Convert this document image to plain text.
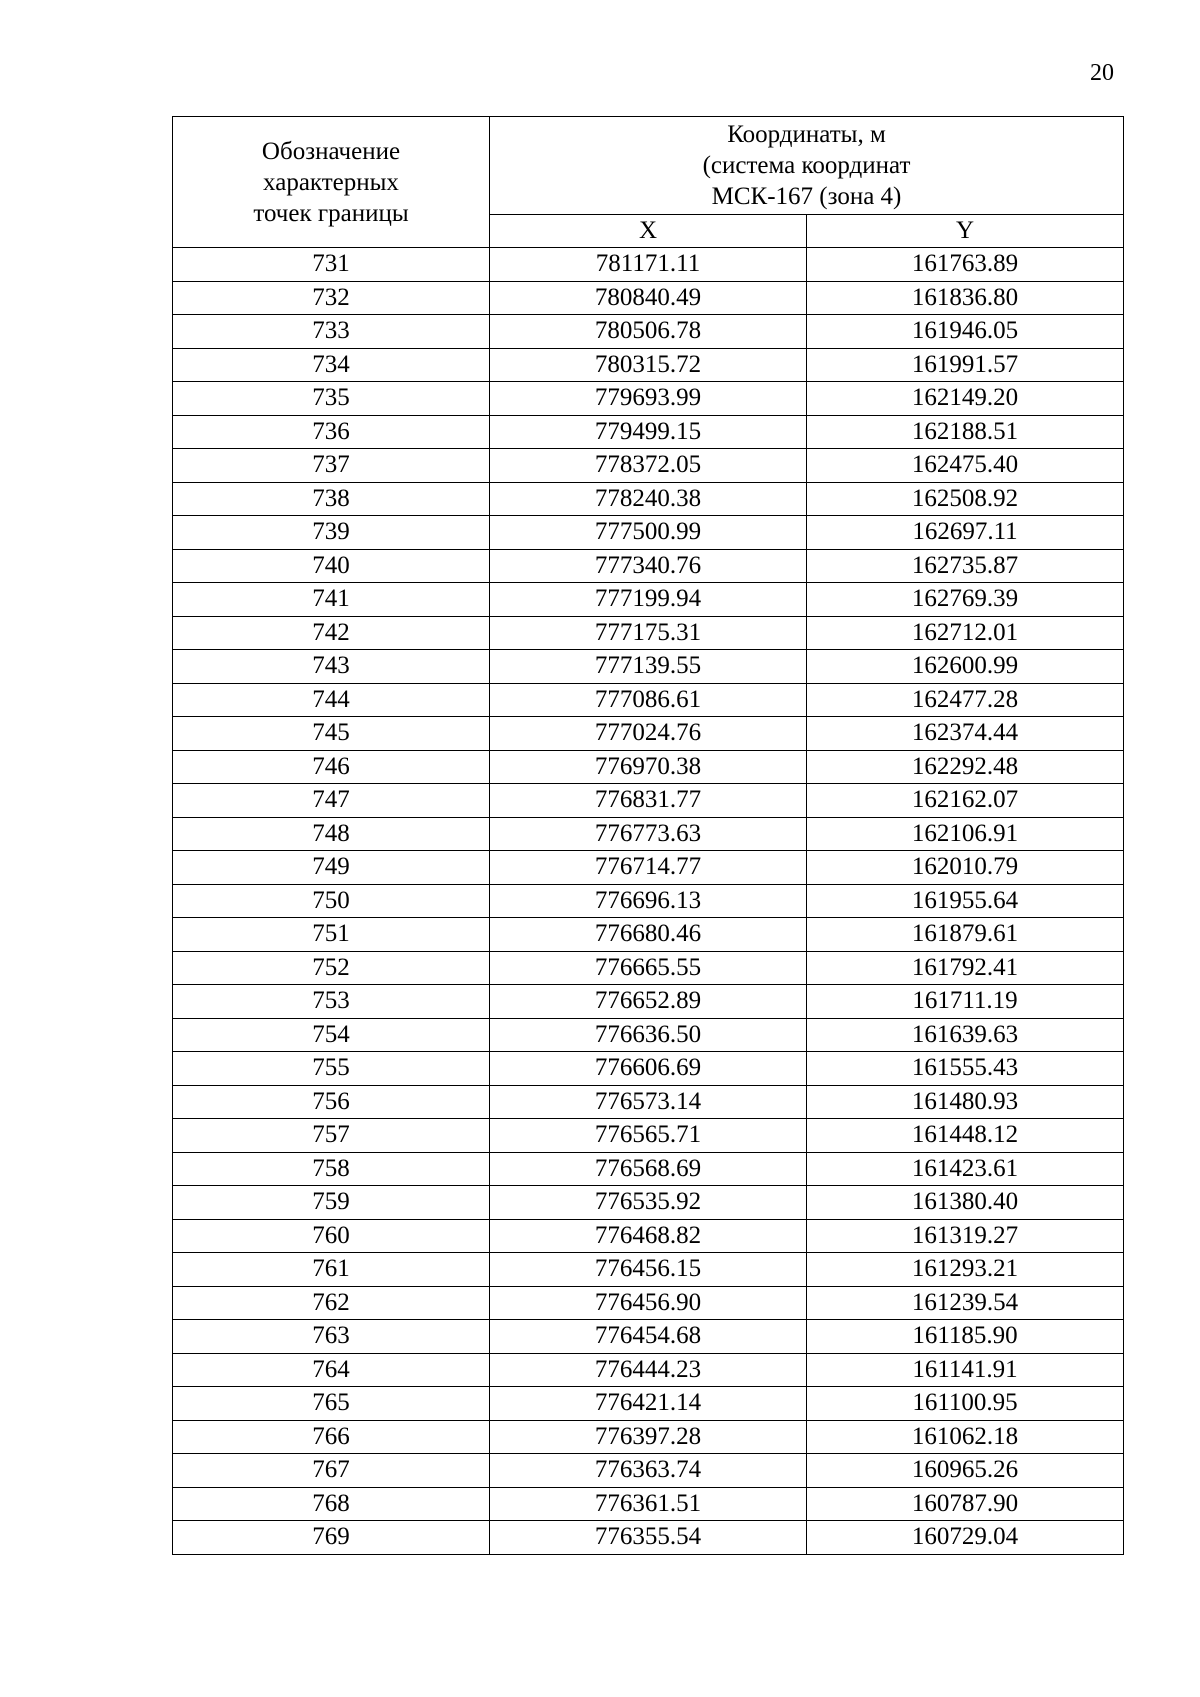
20
Обозначение
характерных
точек границы	Координаты, м
(система координат
МСК-167 (зона 4)	
	X	Y
731	781171.11	161763.89
732	780840.49	161836.80
733	780506.78	161946.05
734	780315.72	161991.57
735	779693.99	162149.20
736	779499.15	162188.51
737	778372.05	162475.40
738	778240.38	162508.92
739	777500.99	162697.11
740	777340.76	162735.87
741	777199.94	162769.39
742	777175.31	162712.01
743	777139.55	162600.99
744	777086.61	162477.28
745	777024.76	162374.44
746	776970.38	162292.48
747	776831.77	162162.07
748	776773.63	162106.91
749	776714.77	162010.79
750	776696.13	161955.64
751	776680.46	161879.61
752	776665.55	161792.41
753	776652.89	161711.19
754	776636.50	161639.63
755	776606.69	161555.43
756	776573.14	161480.93
757	776565.71	161448.12
758	776568.69	161423.61
759	776535.92	161380.40
760	776468.82	161319.27
761	776456.15	161293.21
762	776456.90	161239.54
763	776454.68	161185.90
764	776444.23	161141.91
765	776421.14	161100.95
766	776397.28	161062.18
767	776363.74	160965.26
768	776361.51	160787.90
769	776355.54	160729.04
